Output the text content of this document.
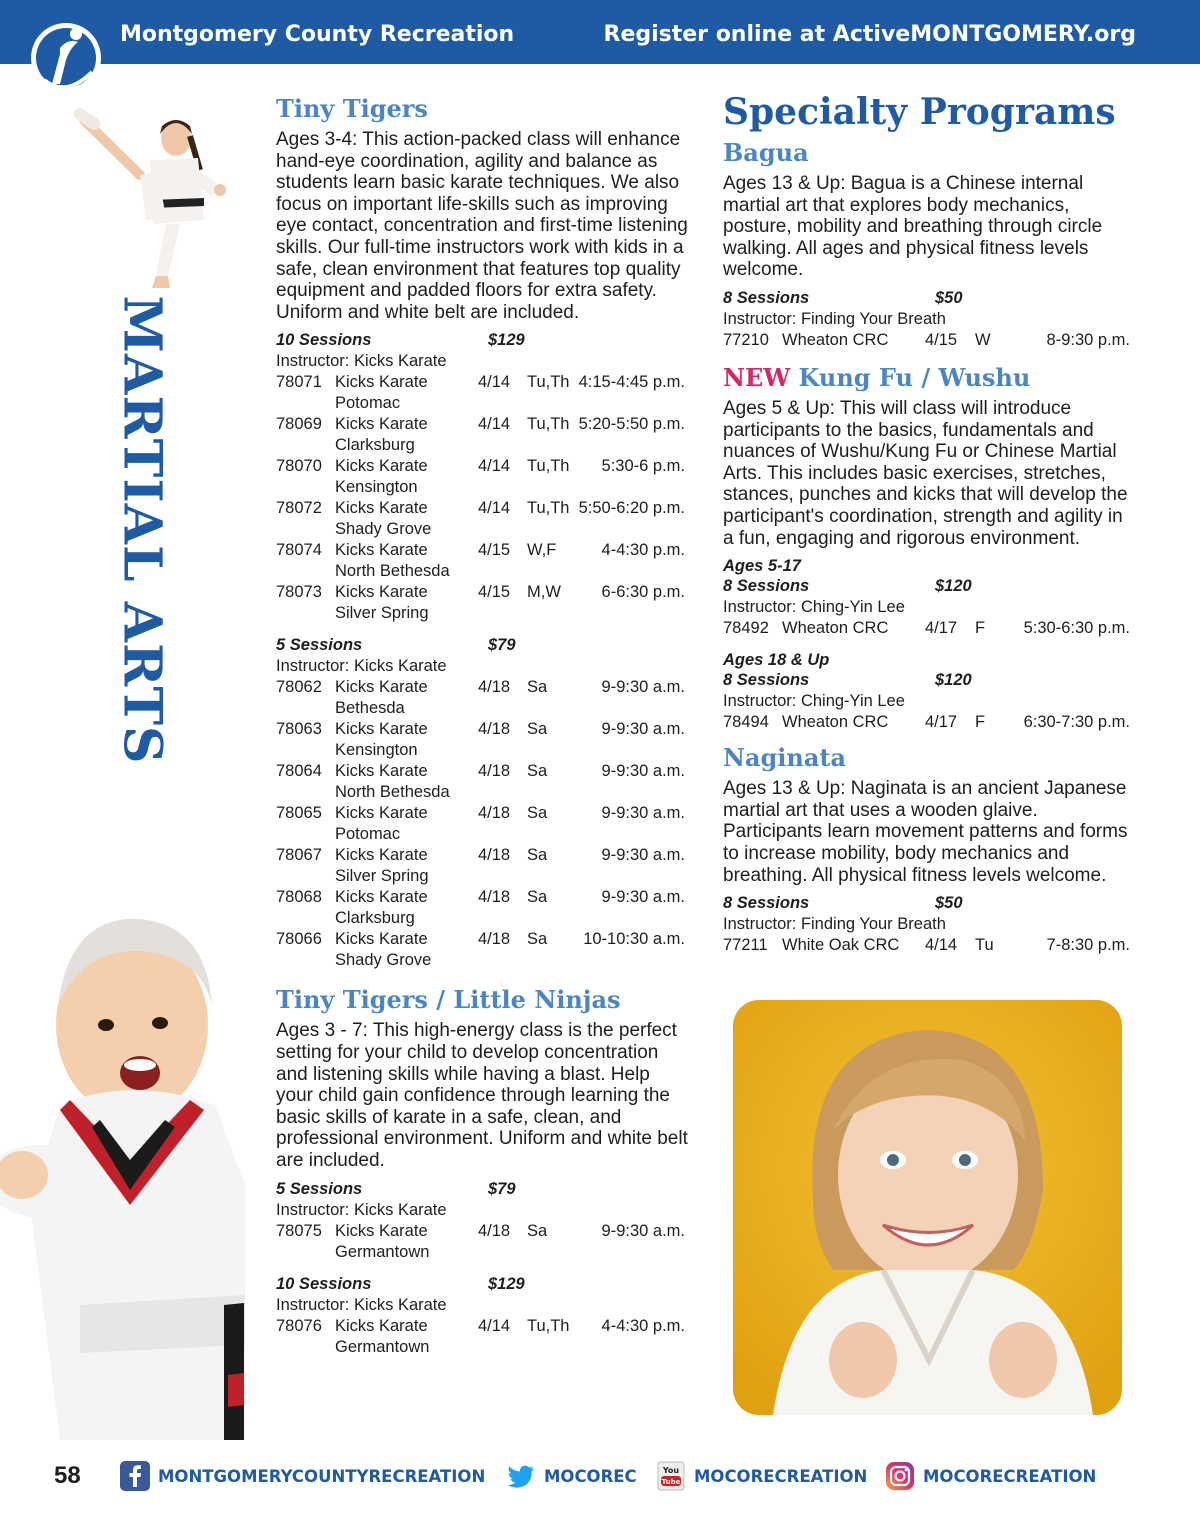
Montgomery County Recreation	Register online at ActiveMONTGOMERY.org
MARTIAL ARTS
Tiny Tigers
Ages 3-4: This action-packed class will enhance hand-eye coordination, agility and balance as students learn basic karate techniques. We also focus on important life-skills such as improving eye contact, concentration and first-time listening skills. Our full-time instructors work with kids in a safe, clean environment that features top quality equipment and padded floors for extra safety. Uniform and white belt are included.
10 Sessions	$129
Instructor: Kicks Karate
78071 Kicks Karate
Potomac
4/14 Tu,Th 4:15-4:45 p.m.
78069 Kicks Karate
Clarksburg
4/14 Tu,Th 5:20-5:50 p.m.
78070 Kicks Karate
Kensington
4/14 Tu,Th 5:30-6 p.m.
78072 Kicks Karate
Shady Grove
4/14 Tu,Th 5:50-6:20 p.m.
78074 Kicks Karate
North Bethesda
4/15 W,F	4-4:30 p.m.
78073 Kicks Karate
Silver Spring
4/15 M,W 6-6:30 p.m.
5 Sessions	$79
Instructor: Kicks Karate
78062 Kicks Karate
Bethesda
4/18 Sa	9-9:30 a.m.
78063 Kicks Karate
Kensington
4/18 Sa	9-9:30 a.m.
78064 Kicks Karate
North Bethesda
4/18 Sa	9-9:30 a.m.
78065 Kicks Karate
Potomac
4/18 Sa	9-9:30 a.m.
78067 Kicks Karate
Silver Spring
4/18 Sa	9-9:30 a.m.
78068 Kicks Karate
Clarksburg
4/18 Sa	9-9:30 a.m.
78066 Kicks Karate
Shady Grove
4/18 Sa 10-10:30 a.m.
Tiny Tigers / Little Ninjas
Ages 3 - 7: This high-energy class is the perfect setting for your child to develop concentration and listening skills while having a blast. Help your child gain confidence through learning the basic skills of karate in a safe, clean, and professional environment. Uniform and white belt are included.
5 Sessions	$79
Instructor: Kicks Karate
78075 Kicks Karate
Germantown
4/18 Sa	9-9:30 a.m.
10 Sessions	$129
Instructor: Kicks Karate
78076 Kicks Karate
Germantown
4/14 Tu,Th 4-4:30 p.m.
Specialty Programs
Bagua
Ages 13 & Up: Bagua is a Chinese internal martial art that explores body mechanics, posture, mobility and breathing through circle walking. All ages and physical fitness levels welcome.
8 Sessions	$50
Instructor: Finding Your Breath
77210 Wheaton CRC	4/15 W	8-9:30 p.m.
NEW Kung Fu / Wushu
Ages 5 & Up: This will class will introduce participants to the basics, fundamentals and nuances of Wushu/Kung Fu or Chinese Martial Arts. This includes basic exercises, stretches, stances, punches and kicks that will develop the participant's coordination, strength and agility in a fun, engaging and rigorous environment.
Ages 5-17
8 Sessions	$120
Instructor: Ching-Yin Lee
78492 Wheaton CRC	4/17 F 5:30-6:30 p.m.
Ages 18 & Up
8 Sessions	$120
Instructor: Ching-Yin Lee
78494 Wheaton CRC	4/17 F 6:30-7:30 p.m.
Naginata
Ages 13 & Up: Naginata is an ancient Japanese martial art that uses a wooden glaive. Participants learn movement patterns and forms to increase mobility, body mechanics and breathing. All physical fitness levels welcome.
8 Sessions	$50
Instructor: Finding Your Breath
77211 White Oak CRC	4/14 Tu	7-8:30 p.m.
58	MONTGOMERYCOUNTYRECREATION	MOCOREC	You
Tube MOCORECREATION	MOCORECREATION
